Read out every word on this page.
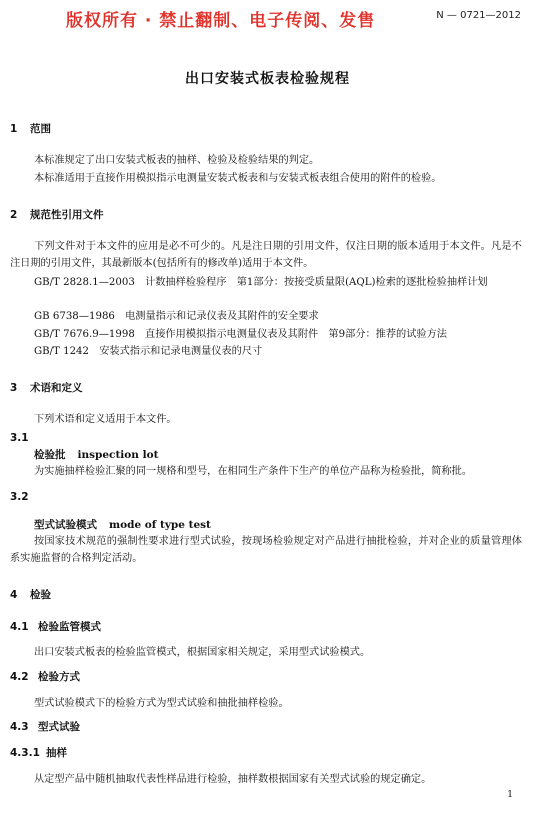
版权所有 · 禁止翻制、电子传阅、发售	N — 0721—2012
出口安装式板表检验规程
1 范围
本标准规定了出口安装式板表的抽样、检验及检验结果的判定。
本标准适用于直接作用模拟指示电测量安装式板表和与安装式板表组合使用的附件的检验。
2 规范性引用文件
下列文件对于本文件的应用是必不可少的。凡是注日期的引用文件，仅注日期的版本适用于本文件。凡是不注日期的引用文件，其最新版本(包括所有的修改单)适用于本文件。
GB/T 2828.1—2003　计数抽样检验程序　第1部分：按接受质量限(AQL)检索的逐批检验抽样计划
GB 6738—1986　电测量指示和记录仪表及其附件的安全要求
GB/T 7676.9—1998　直接作用模拟指示电测量仪表及其附件　第9部分：推荐的试验方法
GB/T 1242　安装式指示和记录电测量仪表的尺寸
3 术语和定义
下列术语和定义适用于本文件。
3.1
检验批 inspection lot
为实施抽样检验汇聚的同一规格和型号，在相同生产条件下生产的单位产品称为检验批，简称批。
3.2
型式试验模式 mode of type test
按国家技术规范的强制性要求进行型式试验，按现场检验规定对产品进行抽批检验，并对企业的质量管理体系实施监督的合格判定活动。
4 检验
4.1 检验监管模式
出口安装式板表的检验监管模式，根据国家相关规定，采用型式试验模式。
4.2 检验方式
型式试验模式下的检验方式为型式试验和抽批抽样检验。
4.3 型式试验
4.3.1 抽样
从定型产品中随机抽取代表性样品进行检验，抽样数根据国家有关型式试验的规定确定。
1
